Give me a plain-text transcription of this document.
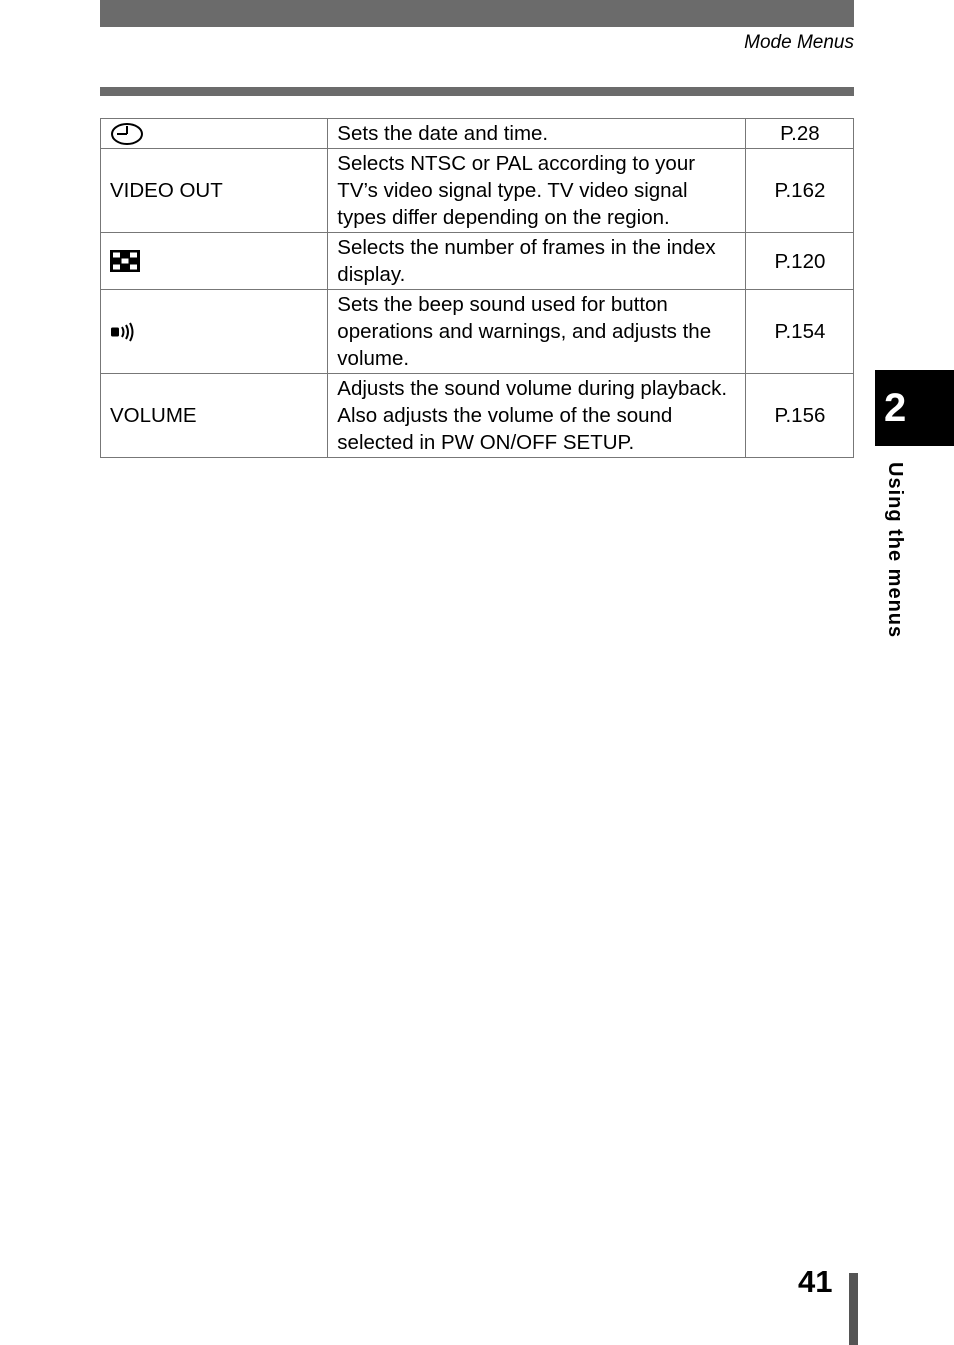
Mode Menus
	Sets the date and time.	P.28
VIDEO OUT	Selects NTSC or PAL according to your TV’s video signal type. TV video signal types differ depending on the region.	P.162

	Selects the number of frames in the index display.	P.120

	Sets the beep sound used for button operations and warnings, and adjusts the volume.	P.154
VOLUME	Adjusts the sound volume during playback. Also adjusts the volume of the sound selected in PW ON/OFF SETUP.	P.156 2
Using the menus
41
